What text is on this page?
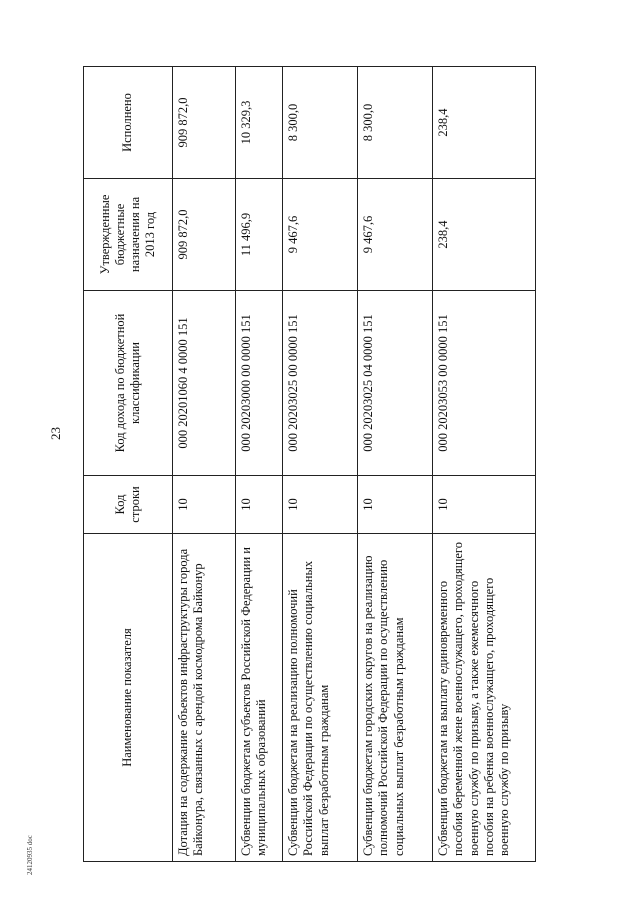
23
24120935 doc
Наименование показателя	Код строки	Код дохода по бюджетной классификации	Утвержденные бюджетные назначения на 2013 год	Исполнено
Дотация на содержание объектов инфраструктуры города Байконура, связанных с арендой космодрома Байконур	10	000 20201060 4 0000 151	909 872,0	909 872,0
Субвенции бюджетам субъектов Российской Федерации и муниципальных образований	10	000 20203000 00 0000 151	11 496,9	10 329,3
Субвенции бюджетам на реализацию полномочий Российской Федерации по осуществлению социальных выплат безработным гражданам	10	000 20203025 00 0000 151	9 467,6	8 300,0
Субвенции бюджетам городских округов на реализацию полномочий Российской Федерации по осуществлению социальных выплат безработным гражданам	10	000 20203025 04 0000 151	9 467,6	8 300,0
Субвенции бюджетам на выплату единовременного пособия беременной жене военнослужащего, проходящего военную службу по призыву, а также ежемесячного пособия на ребенка военнослужащего, проходящего военную службу по призыву	10	000 20203053 00 0000 151	238,4	238,4
